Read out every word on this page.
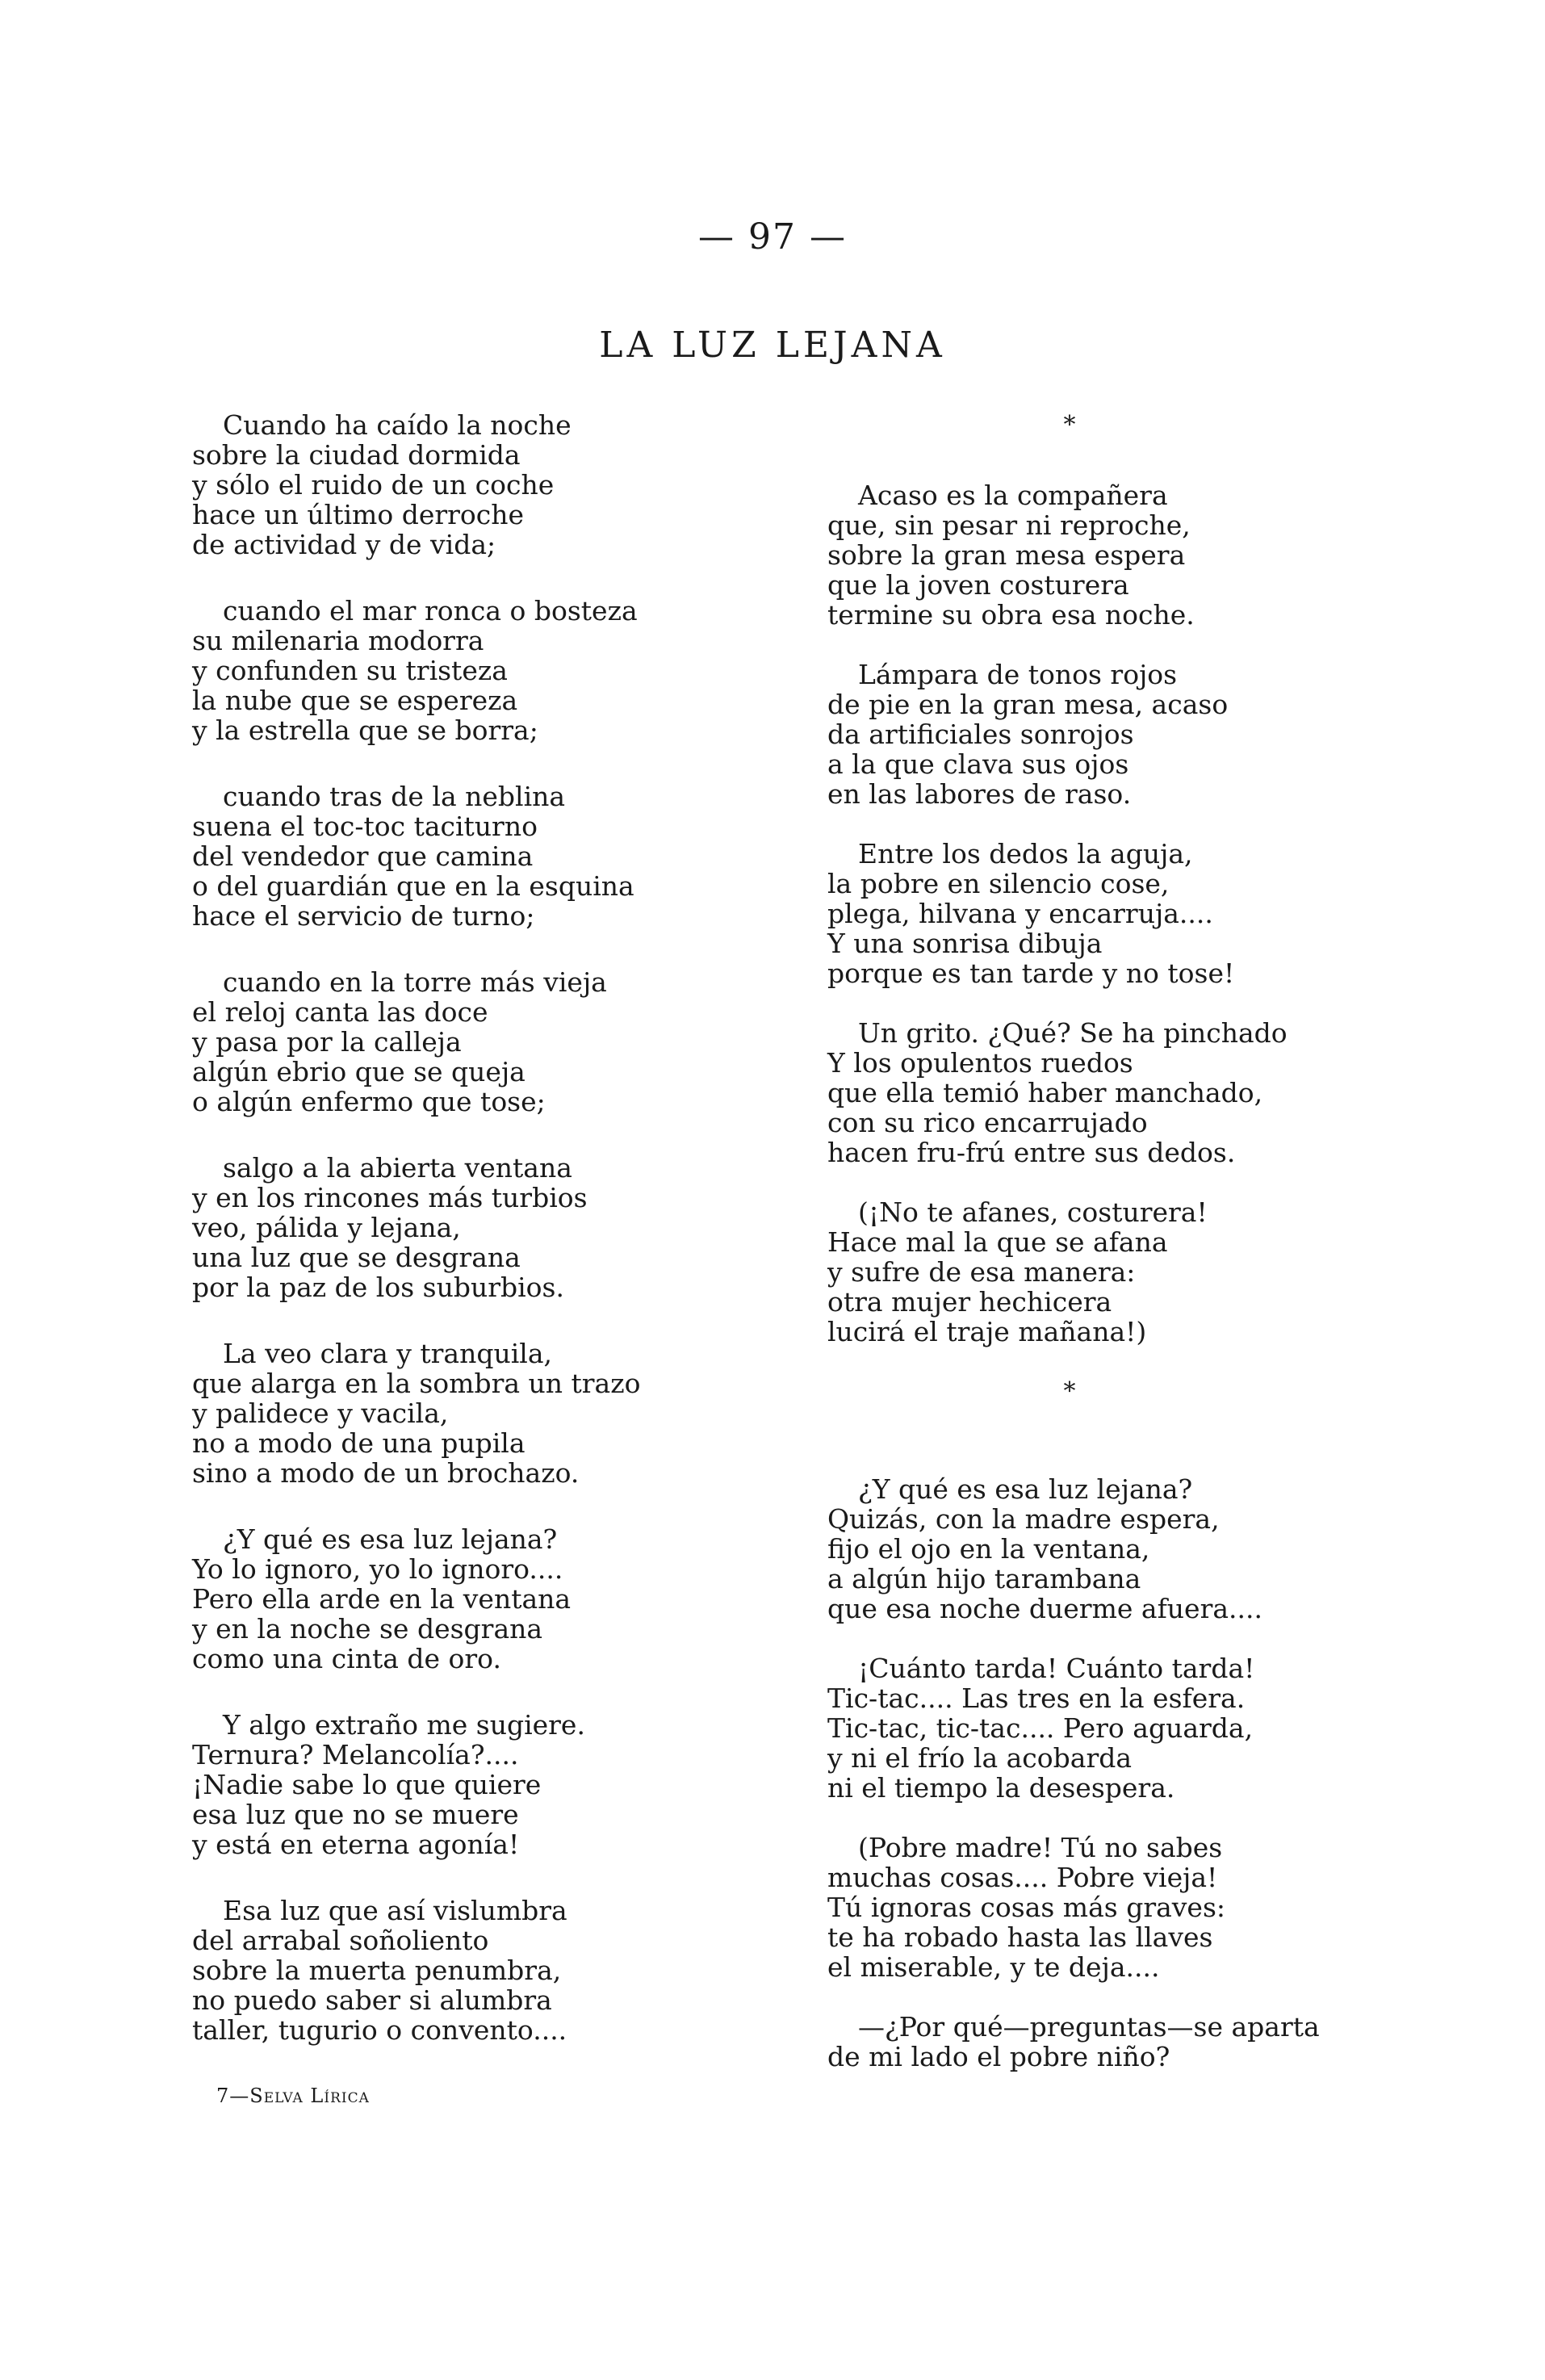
— 97 —
LA LUZ LEJANA
Cuando ha caído la noche
sobre la ciudad dormida
y sólo el ruido de un coche
hace un último derroche
de actividad y de vida;
cuando el mar ronca o bosteza
su milenaria modorra
y confunden su tristeza
la nube que se espereza
y la estrella que se borra;
cuando tras de la neblina
suena el toc-toc taciturno
del vendedor que camina
o del guardián que en la esquina
hace el servicio de turno;
cuando en la torre más vieja
el reloj canta las doce
y pasa por la calleja
algún ebrio que se queja
o algún enfermo que tose;
salgo a la abierta ventana
y en los rincones más turbios
veo, pálida y lejana,
una luz que se desgrana
por la paz de los suburbios.
La veo clara y tranquila,
que alarga en la sombra un trazo
y palidece y vacila,
no a modo de una pupila
sino a modo de un brochazo.
¿Y qué es esa luz lejana?
Yo lo ignoro, yo lo ignoro....
Pero ella arde en la ventana
y en la noche se desgrana
como una cinta de oro.
Y algo extraño me sugiere.
Ternura? Melancolía?....
¡Nadie sabe lo que quiere
esa luz que no se muere
y está en eterna agonía!
Esa luz que así vislumbra
del arrabal soñoliento
sobre la muerta penumbra,
no puedo saber si alumbra
taller, tugurio o convento....
*
Acaso es la compañera
que, sin pesar ni reproche,
sobre la gran mesa espera
que la joven costurera
termine su obra esa noche.
Lámpara de tonos rojos
de pie en la gran mesa, acaso
da artificiales sonrojos
a la que clava sus ojos
en las labores de raso.
Entre los dedos la aguja,
la pobre en silencio cose,
plega, hilvana y encarruja....
Y una sonrisa dibuja
porque es tan tarde y no tose!
Un grito. ¿Qué? Se ha pinchado
Y los opulentos ruedos
que ella temió haber manchado,
con su rico encarrujado
hacen fru-frú entre sus dedos.
(¡No te afanes, costurera!
Hace mal la que se afana
y sufre de esa manera:
otra mujer hechicera
lucirá el traje mañana!)
*
¿Y qué es esa luz lejana?
Quizás, con la madre espera,
fijo el ojo en la ventana,
a algún hijo tarambana
que esa noche duerme afuera....
¡Cuánto tarda! Cuánto tarda!
Tic-tac.... Las tres en la esfera.
Tic-tac, tic-tac.... Pero aguarda,
y ni el frío la acobarda
ni el tiempo la desespera.
(Pobre madre! Tú no sabes
muchas cosas.... Pobre vieja!
Tú ignoras cosas más graves:
te ha robado hasta las llaves
el miserable, y te deja....
—¿Por qué—preguntas—se aparta
de mi lado el pobre niño?
7—Selva Lírica
